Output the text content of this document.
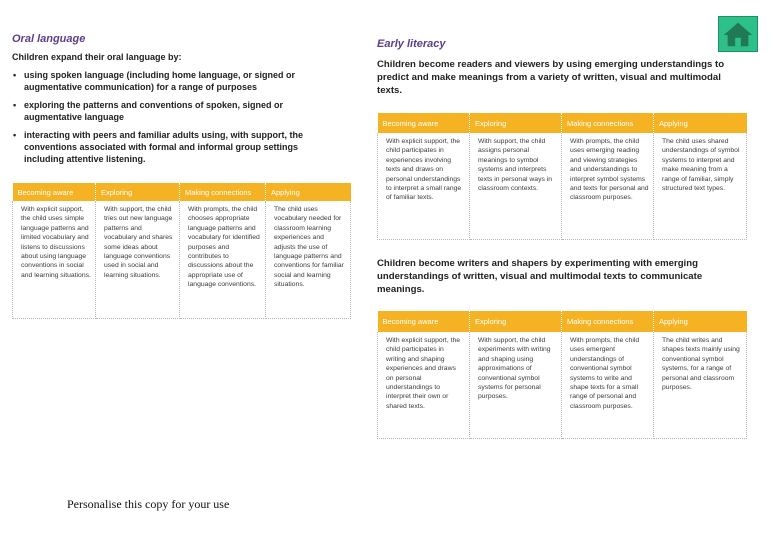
Oral language
Children expand their oral language by:
• using spoken language (including home language, or signed or augmentative communication) for a range of purposes
• exploring the patterns and conventions of spoken, signed or augmentative language
• interacting with peers and familiar adults using, with support, the conventions associated with formal and informal group settings including attentive listening.
Becoming aware	Exploring	Making connections	Applying
With explicit support, the child uses simple language patterns and limited vocabulary and listens to discussions about using language conventions in social and learning situations.	With support, the child tries out new language patterns and vocabulary and shares some ideas about language conventions used in social and learning situations.	With prompts, the child chooses appropriate language patterns and vocabulary for identified purposes and contributes to discussions about the appropriate use of language conventions.	The child uses vocabulary needed for classroom learning experiences and adjusts the use of language patterns and conventions for familiar social and learning situations.
Early literacy
Children become readers and viewers by using emerging understandings to predict and make meanings from a variety of written, visual and multimodal texts.
Becoming aware	Exploring	Making connections	Applying
With explicit support, the child participates in experiences involving texts and draws on personal understandings to interpret a small range of familiar texts.	With support, the child assigns personal meanings to symbol systems and interprets texts in personal ways in classroom contexts.	With prompts, the child uses emerging reading and viewing strategies and understandings to interpret symbol systems and texts for personal and classroom purposes.	The child uses shared understandings of symbol systems to interpret and make meaning from a range of familiar, simply structured text types.
Children become writers and shapers by experimenting with emerging understandings of written, visual and multimodal texts to communicate meanings.
Becoming aware	Exploring	Making connections	Applying
With explicit support, the child participates in writing and shaping experiences and draws on personal understandings to interpret their own or shared texts.	With support, the child experiments with writing and shaping using approximations of conventional symbol systems for personal purposes.	With prompts, the child uses emergent understandings of conventional symbol systems to write and shape texts for a small range of personal and classroom purposes.	The child writes and shapes texts mainly using conventional symbol systems, for a range of personal and classroom purposes.
Personalise this copy for your use
